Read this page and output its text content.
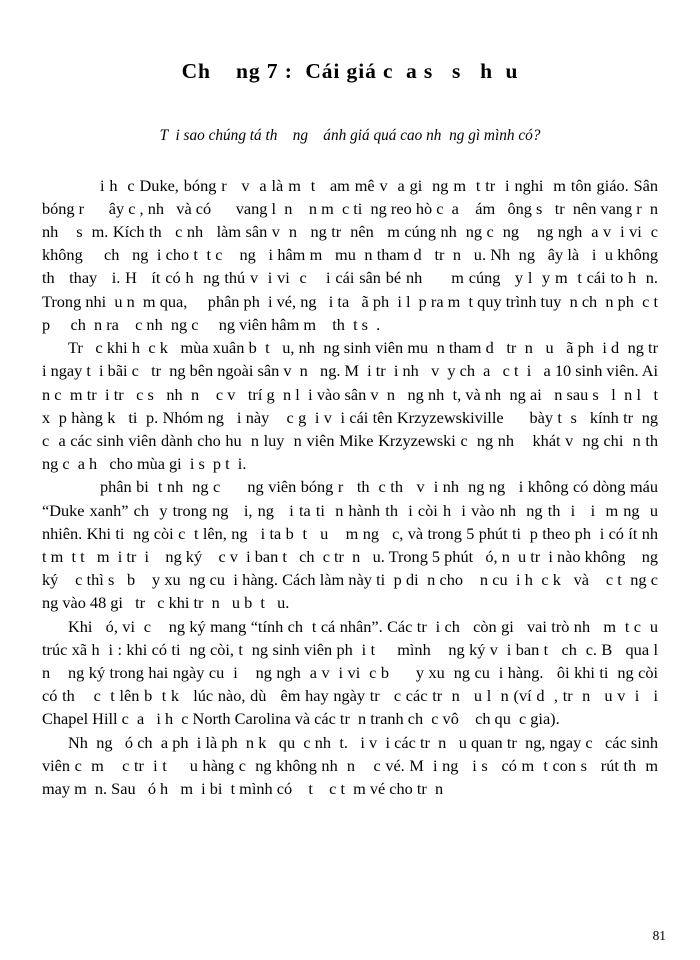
Ch    ng 7 :  Cái giá c  a s   s   h  u

T  i sao chúng tá th    ng    ánh giá quá cao nh  ng gì mình có?

i h  c Duke, bóng r   v  a là m  t   am mê v  a gi  ng m  t tr  i nghi  m tôn giáo. Sân bóng r      ây c , nh   và có      vang l  n    n m  c ti  ng reo hò c  a    ám   ông s   tr  nên vang r  n nh    s  m. Kích th   c nh   làm sân v  n   ng tr  nên   m cúng nh  ng c  ng    ng ngh  a v  i vi  c không     ch   ng  i cho t  t c    ng   i hâm m   mu  n tham d   tr  n   u. Nh  ng   ây là   i  u không th   thay   i. H   ít có h  ng thú v  i vi  c    i cái sân bé nh      m cúng   y l  y m  t cái to h  n. Trong nhi  u n  m qua,     phân ph  i vé, ng   i ta   ã ph  i l  p ra m  t quy trình tuy  n ch  n ph  c t  p     ch  n ra    c nh  ng c     ng viên hâm m    th  t s  .

Tr   c khi h  c k   mùa xuân b  t   u, nh  ng sinh viên mu  n tham d   tr  n   u   ã ph  i d  ng tr  i ngay t  i bãi c   tr  ng bên ngoài sân v  n   ng. M  i tr  i nh   v  y ch  a   c t  i   a 10 sinh viên. Ai   n c  m tr  i tr   c s   nh  n    c v   trí g  n l  i vào sân v  n   ng nh  t, và nh  ng ai   n sau s   l  n l   t x  p hàng k   ti  p. Nhóm ng   i này    c g  i v  i cái tên Krzyzewskiville      bày t  s   kính tr  ng c  a các sinh viên dành cho hu  n luy  n viên Mike Krzyzewski c  ng nh    khát v  ng chi  n th  ng c  a h   cho mùa gi  i s  p t  i.

phân bi  t nh  ng c      ng viên bóng r   th  c th   v  i nh  ng ng   i không có dòng máu “Duke xanh” ch  y trong ng   i, ng   i ta ti  n hành th  i còi h  i vào nh  ng th  i   i  m ng  u nhiên. Khi ti  ng còi c  t lên, ng   i ta b  t   u    m ng   c, và trong 5 phút ti  p theo ph  i có ít nh  t m  t t   m  i tr  i    ng ký    c v  i ban t   ch  c tr  n   u. Trong 5 phút   ó, n  u tr  i nào không    ng ký    c thì s   b    y xu  ng cu  i hàng. Cách làm này ti  p di  n cho    n cu  i h  c k   và    c t  ng c   ng vào 48 gi   tr   c khi tr  n   u b  t   u.

Khi   ó, vi  c    ng ký mang “tính ch  t cá nhân”. Các tr  i ch   còn gi   vai trò nh   m  t c  u trúc xã h  i : khi có ti  ng còi, t  ng sinh viên ph  i t     mình    ng ký v  i ban t   ch  c. B   qua l  n    ng ký trong hai ngày cu  i    ng ngh  a v  i vi  c b      y xu  ng cu  i hàng.   ôi khi ti  ng còi có th    c  t lên b  t k   lúc nào, dù   êm hay ngày tr   c các tr  n   u l  n (ví d  , tr  n   u v  i   i Chapel Hill c  a   i h  c North Carolina và các tr  n tranh ch  c vô    ch qu  c gia).

Nh  ng   ó ch  a ph  i là ph  n k   qu  c nh  t.   i v  i các tr  n   u quan tr  ng, ngay c   các sinh viên c  m    c tr  i t     u hàng c  ng không nh  n    c vé. M  i ng   i s   có m  t con s   rút th  m may m  n. Sau   ó h   m  i bi  t mình có    t    c t  m vé cho tr  n

81
